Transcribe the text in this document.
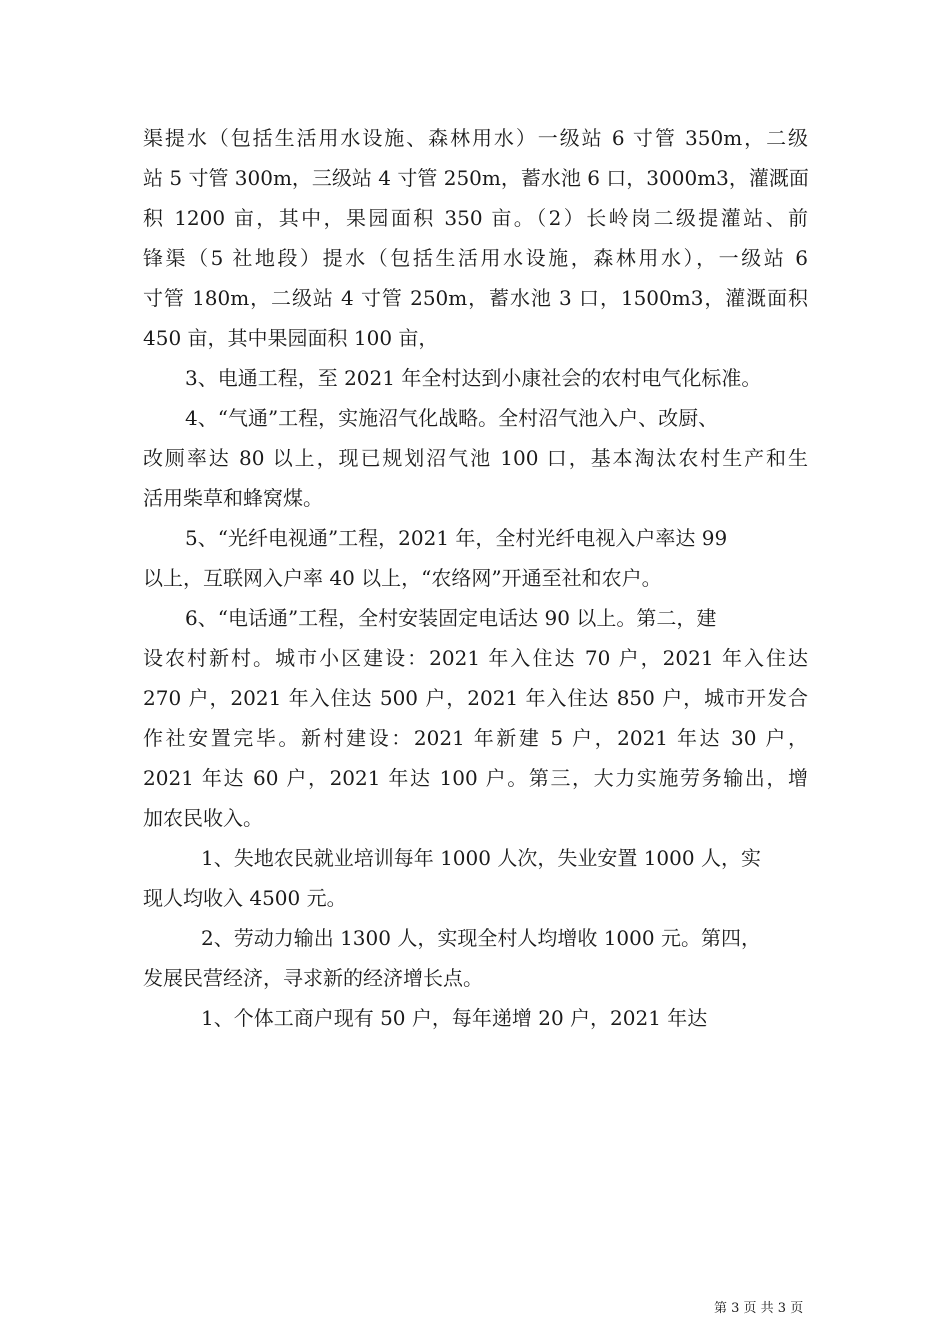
渠提水（包括生活用水设施、森林用水）一级站 6 寸管 350m，二级
站 5 寸管 300m，三级站 4 寸管 250m，蓄水池 6 口，3000m3，灌溉面
积 1200 亩，其中，果园面积 350 亩。（2）长岭岗二级提灌站、前
锋渠（5 社地段）提水（包括生活用水设施，森林用水），一级站 6
寸管 180m，二级站 4 寸管 250m，蓄水池 3 口，1500m3，灌溉面积
450 亩，其中果园面积 100 亩，
3、电通工程，至 2021 年全村达到小康社会的农村电气化标准。
4、“气通”工程，实施沼气化战略。全村沼气池入户、改厨、
改厕率达 80 以上，现已规划沼气池 100 口，基本淘汰农村生产和生
活用柴草和蜂窝煤。
5、“光纤电视通”工程，2021 年，全村光纤电视入户率达 99
以上，互联网入户率 40 以上，“农络网”开通至社和农户。
6、“电话通”工程，全村安装固定电话达 90 以上。第二，建
设农村新村。城市小区建设：2021 年入住达 70 户，2021 年入住达
270 户，2021 年入住达 500 户，2021 年入住达 850 户，城市开发合
作社安置完毕。新村建设：2021 年新建 5 户，2021 年达 30 户，
2021 年达 60 户，2021 年达 100 户。第三，大力实施劳务输出，增
加农民收入。
1、失地农民就业培训每年 1000 人次，失业安置 1000 人，实
现人均收入 4500 元。
2、劳动力输出 1300 人，实现全村人均增收 1000 元。第四，
发展民营经济，寻求新的经济增长点。
1、个体工商户现有 50 户，每年递增 20 户，2021 年达
第 3 页 共 3 页
